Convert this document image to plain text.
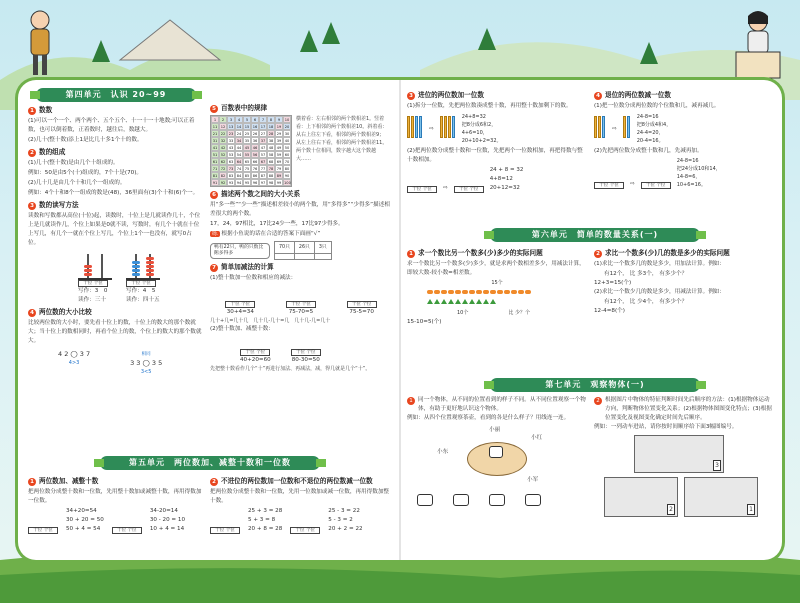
第四单元　认识 20~99
1 数数
(1)可以一个一个、两个两个、五个五个、十一十一十地数;可以正着数，也可以倒着数，正着数时，越往后，数越大。
(2)几十(整十数)添上1是比几十多1个十的数。
2 数的组成
(1)几十(整十数)是由几个十组成的。
例如：50是由5个(十)组成的，7个十是(70)。
(2)几十几是由几个十和几个一组成的。
例如：4个十和8个一组成的数是(48)，36里面有(3)个十和(6)个一。
3 数的读写方法
读数和写数都从高位(十位)起，读数时，十位上是几就读作几十，个位上是几就读作几，个位上如果是0就不读，写数时，有几个十就在十位上写几，有几个一就在个位上写几，个位上1个一也没有，就写0占位。
十位 个位
写作：3　0
读作：三十
十位 个位
写作：4　5
读作：四十五
4 两位数的大小比较
比较两位数的大小时，要先看十位上的数，十位上的数大的那个数就大；当十位上的数相同时，再看个位上的数，个位上的数大的那个数就大。
4 2 ◯ 3 7
4>3
相同
3 3 ◯ 3 5
3<5
5 百数表中的规律
1	2	3	4	5	6	7	8	9	10
11 12 13 14 15 16 17 18 19 20
21 22 23 24 25 26 27 28 29 30
31 32 33 34 35 36 37 38 39 40
41 42 43 44 45 46 47 48 49 50
51 52 53 54 55 56 57 58 59 60
61 62 63 64 65 66 67 68 69 70
71 72 73 74 75 76 77 78 79 80
81 82 83 84 85 86 87 88 89 90
91 92 93 94 95 96 97 98 99 100
横着看：左右相邻的两个数相差1。竖着看：上下相邻的两个数相差10。斜着看：从右上往左下看，相邻的两个数相差9；从左上往右下看，相邻的两个数相差11。两个数十位相同，数字越大这个数越大……
6 描述两个数之间的大小关系
用“多一些”“少一些”描述相差较小的两个数，用“多得多”“少得多”描述相差很大的两个数。
17，24，97相比，17比24少一些，17比97少得多。
练 根据小鱼说的话在合适的答案下面画“√”
鸭有22只，鸭的只数比鹅多得多
70只	26只	3只

7 简单加减法的计算
(1)整十数加一位数和相应的减法：
十位 个位
30+4=34
十位 个位
75-70=5
十位 个位
75-5=70
几十+几=几十几　几十几-几十=几　几十几-几=几十
(2)整十数加、减整十数：
十位 个位
40+20=60
十位 个位
80-30=50
先把整十数看作几个“十”再进行加法、再减法，减，得几就是几个“十”。
第五单元　两位数加、减整十数和一位数
1 两位数加、减整十数
把两位数分成整十数和一位数，先用整十数加或减整十数，再用得数加一位数。
十位 个位
34+20=54
30 + 20 = 50
50 + 4 = 54	十位 个位
34-20=14
30 - 20 = 10
10 + 4 = 14
2 不进位的两位数加一位数和不退位的两位数减一位数
把两位数分成整十数和一位数，先用一位数加或减一位数，再用得数加整十数。
十位 个位
25 + 3 = 28
5 + 3 = 8
20 + 8 = 28	十位 个位
25 - 3 = 22
5 - 3 = 2
20 + 2 = 22
3 进位的两位数加一位数
(1)拆分一位数，先把两位数凑成整十数，再用整十数加剩下的数。
⇨
24+8=32
把8分成6和2，
4+6=10，
20+10+2=32。
(2)把两位数分成整十数和一位数，先把两个一位数相加，再把得数与整十数相加。
十位 个位	⇨	十位 个位
24 + 8 = 32
4+8=12
20+12=32
4 退位的两位数减一位数
(1)把一位数分成两位数的个位数和几，减再减几。
⇨
24-8=16
把8分成4和4，
24-4=20，
20-4=16。
(2)先把两位数分成整十数和几，先减再加。
十位 个位	⇨	十位 个位
24-8=16
把24分成10和14，
14-8=6，
10+6=16。
第六单元　简单的数量关系(一)
1 求一个数比另一个数多(少)多少的实际问题
求一个数比另一个数多(少)多少，就是求两个数相差多少，用减法计算，即较大数-较小数=相差数。
15个
10个	比 少？个
15-10=5(个)
2 求比一个数多(少)几的数是多少的实际问题
(1)求比一个数多几的数是多少，用加法计算。例如：
有12个， 比 多3个， 有多少个？
12+3=15(个)
(2)求比一个数少几的数是多少，用减法计算。例如：
有12个， 比 少4个， 有多少个？
12-4=8(个)
第七单元　观察物体(一)
1 同一个物体，从不同的位置看到的样子不同。从不同位置观察一个物体，有助于更好地认识这个物体。
例如：从四个位置观察茶壶，看到的各是什么样子？用线连一连。
小丽
小红
小东
小军
2 根据图片中物体的特征判断时间先后顺序的方法：(1)根据物体运动方向，判断物体位置变化关系；(2)根据物体图图变化特点；(3)根据位置变化及视图变化确定时间先后顺序。
例如：一列动车进站，请你按时间顺序给下面3幅图编号。
3
2	1
